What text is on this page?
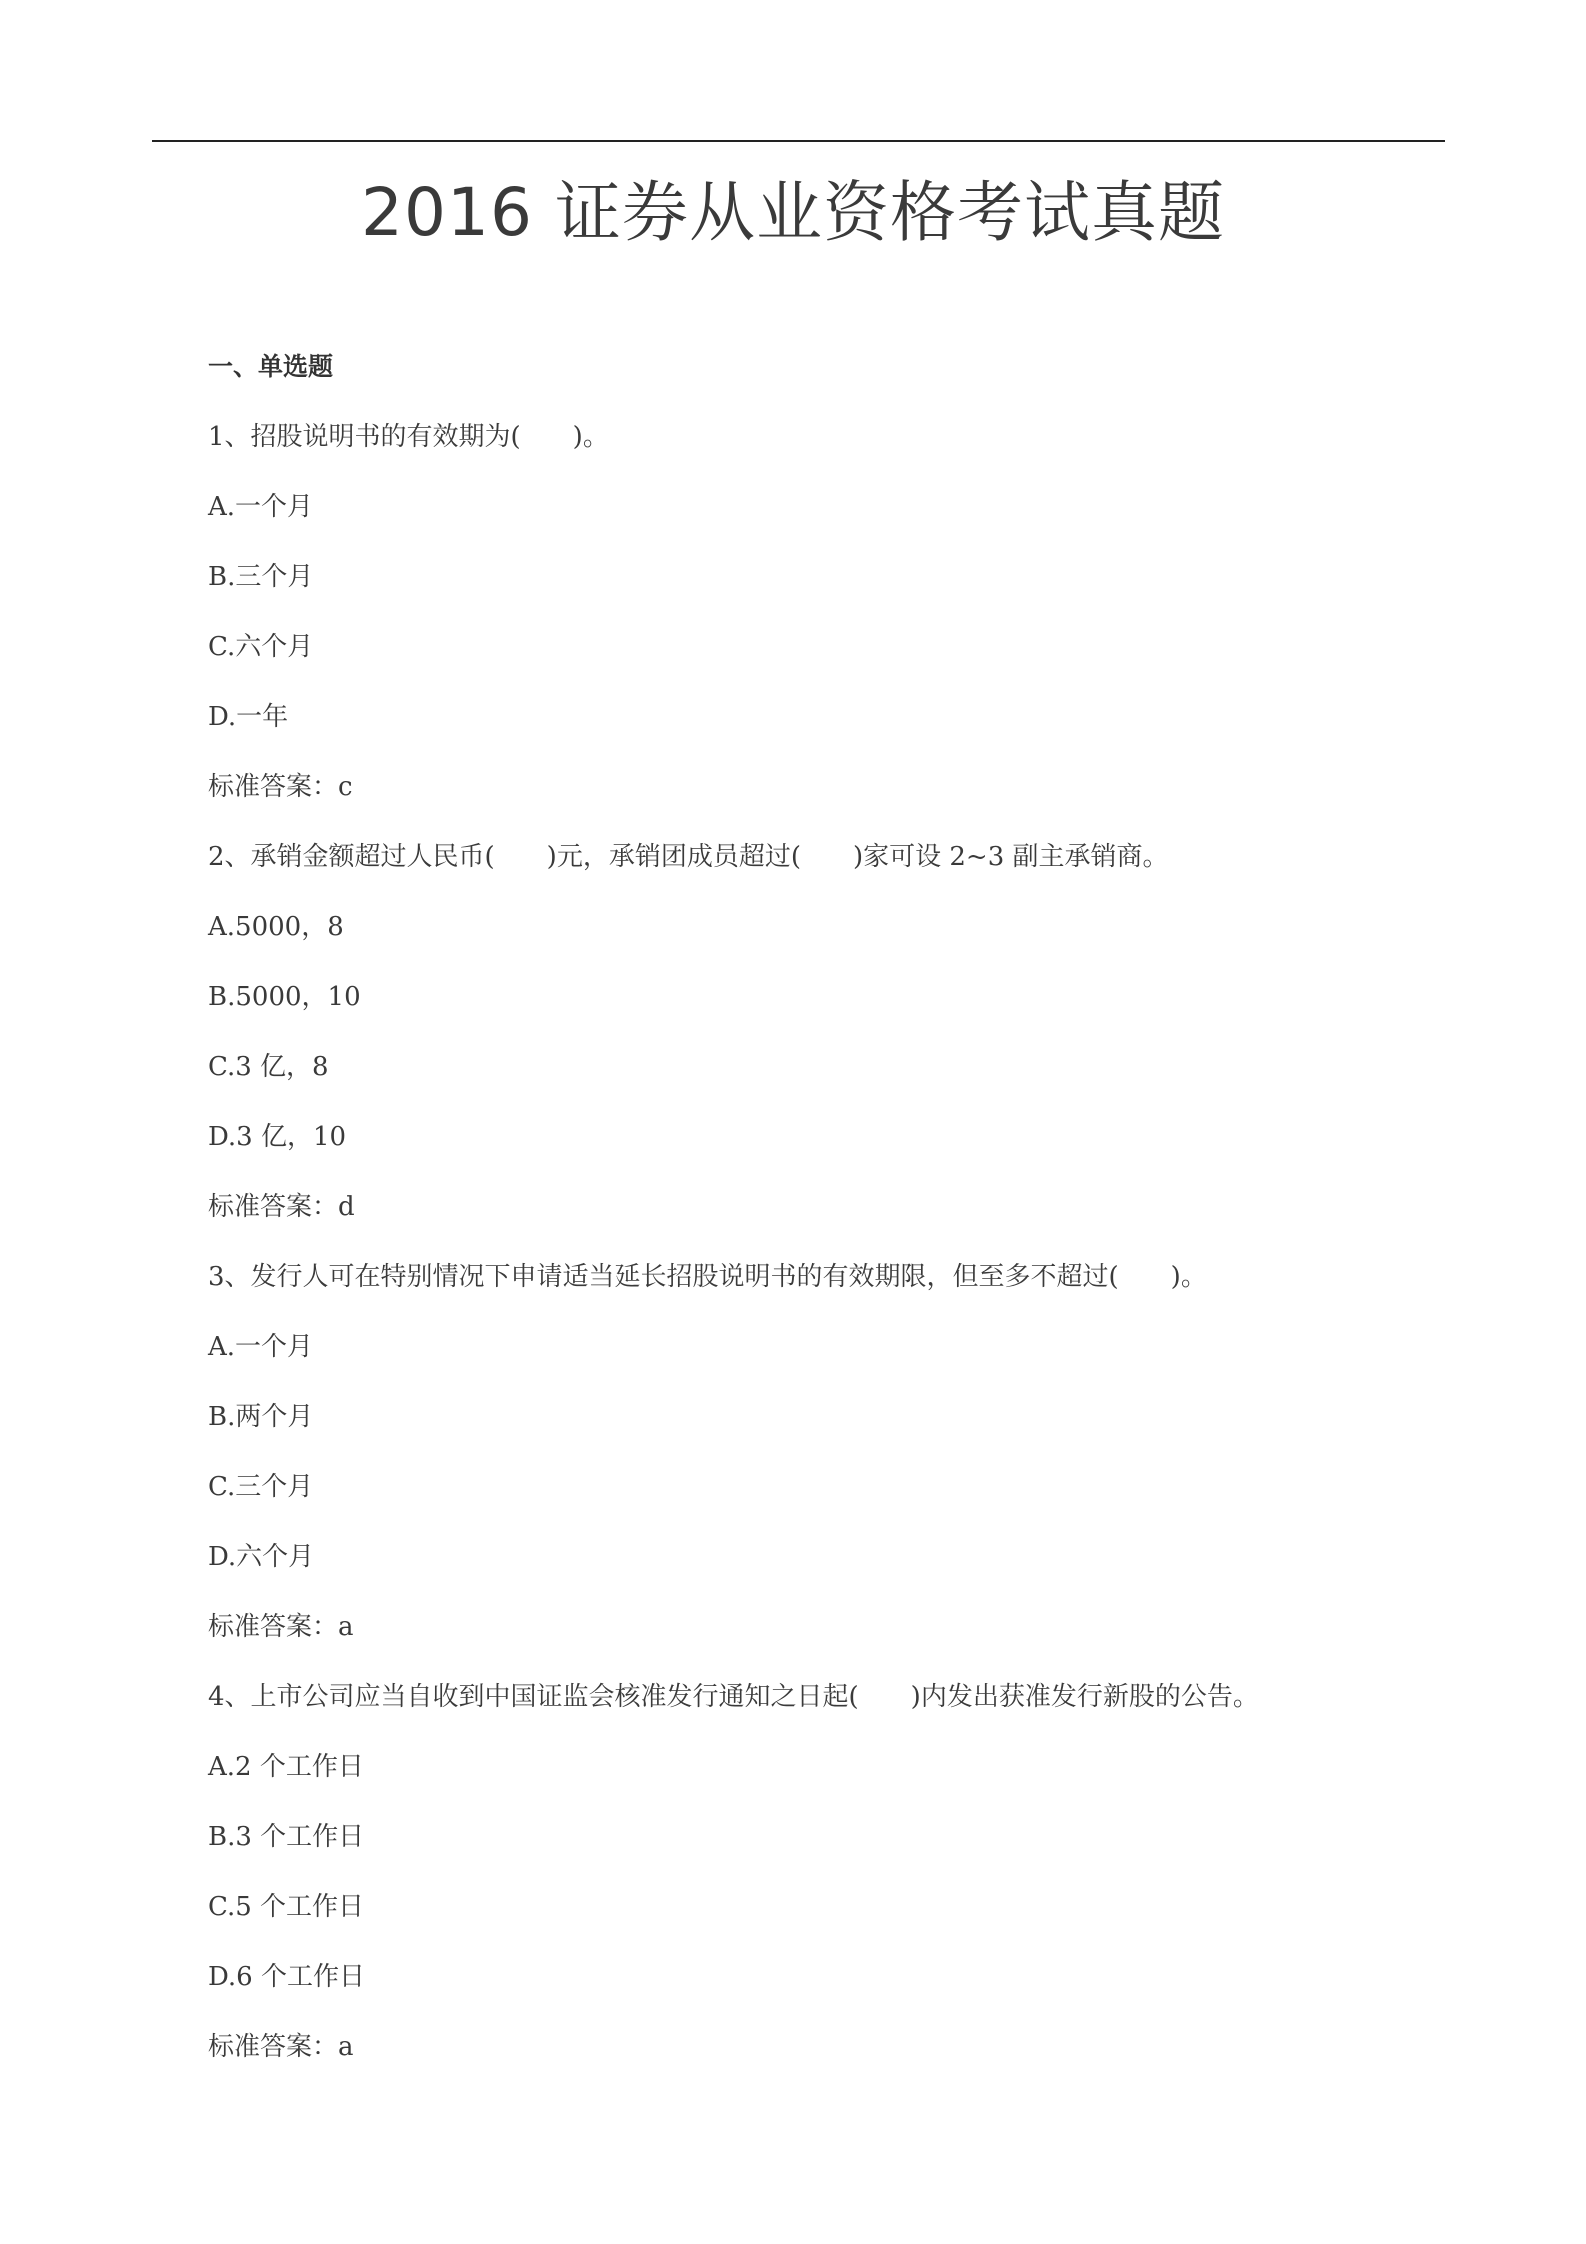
2016 证券从业资格考试真题
一、单选题
1、招股说明书的有效期为(　　)。
A.一个月
B.三个月
C.六个月
D.一年
标准答案：c
2、承销金额超过人民币(　　)元，承销团成员超过(　　)家可设 2~3 副主承销商。
A.5000，8
B.5000，10
C.3 亿，8
D.3 亿，10
标准答案：d
3、发行人可在特别情况下申请适当延长招股说明书的有效期限，但至多不超过(　　)。
A.一个月
B.两个月
C.三个月
D.六个月
标准答案：a
4、上市公司应当自收到中国证监会核准发行通知之日起(　　)内发出获准发行新股的公告。
A.2 个工作日
B.3 个工作日
C.5 个工作日
D.6 个工作日
标准答案：a
